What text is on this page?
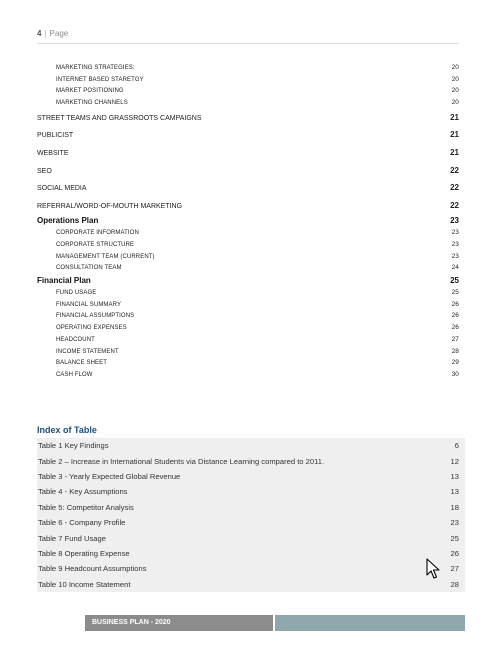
4 | Page
MARKETING STRATEGIES:	20
INTERNET BASED STARETGY	20
MARKET POSITIONING	20
MARKETING CHANNELS	20
STREET TEAMS AND GRASSROOTS CAMPAIGNS	21
PUBLICIST	21
WEBSITE	21
SEO	22
SOCIAL MEDIA	22
REFERRAL/WORD-OF-MOUTH MARKETING	22
Operations Plan	23
CORPORATE INFORMATION	23
CORPORATE STRUCTURE	23
MANAGEMENT TEAM (CURRENT)	23
CONSULTATION TEAM	24
Financial Plan	25
FUND USAGE	25
FINANCIAL SUMMARY	26
FINANCIAL ASSUMPTIONS	26
OPERATING EXPENSES	26
HEADCOUNT	27
INCOME STATEMENT	28
BALANCE SHEET	29
CASH FLOW	30
Index of Table
Table 1 Key Findings	6
Table 2 – Increase in International Students via Distance Learning compared to 2011.	12
Table 3 - Yearly Expected Global Revenue	13
Table 4 - Key Assumptions	13
Table 5: Competitor Analysis	18
Table 6 - Company Profile	23
Table 7 Fund Usage	25
Table 8 Operating Expense	26
Table 9 Headcount Assumptions	27
Table 10 Income Statement	28
BUSINESS PLAN - 2020
